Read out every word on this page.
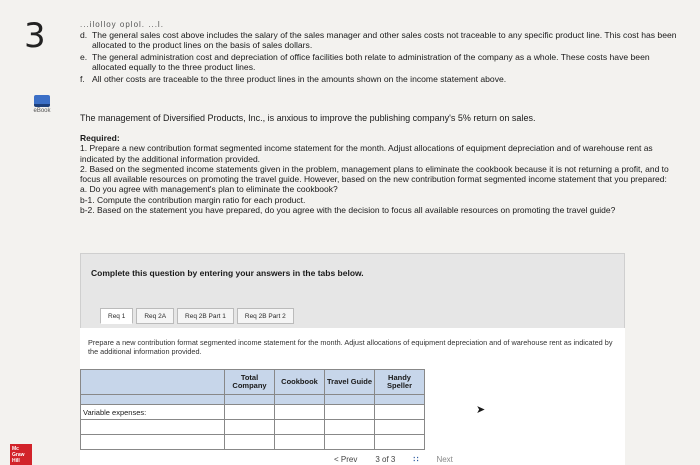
3
eBook
Mc Graw Hill
...ilolloy oplol. ...l.
d. The general sales cost above includes the salary of the sales manager and other sales costs not traceable to any specific product line. This cost has been allocated to the product lines on the basis of sales dollars.
e. The general administration cost and depreciation of office facilities both relate to administration of the company as a whole. These costs have been allocated equally to the three product lines.
f. All other costs are traceable to the three product lines in the amounts shown on the income statement above.
The management of Diversified Products, Inc., is anxious to improve the publishing company's 5% return on sales.
Required:
1. Prepare a new contribution format segmented income statement for the month. Adjust allocations of equipment depreciation and of warehouse rent as indicated by the additional information provided.
2. Based on the segmented income statements given in the problem, management plans to eliminate the cookbook because it is not returning a profit, and to focus all available resources on promoting the travel guide. However, based on the new contribution format segmented income statement that you prepared:
a. Do you agree with management's plan to eliminate the cookbook?
b-1. Compute the contribution margin ratio for each product.
b-2. Based on the statement you have prepared, do you agree with the decision to focus all available resources on promoting the travel guide?
Complete this question by entering your answers in the tabs below.
Prepare a new contribution format segmented income statement for the month. Adjust allocations of equipment depreciation and of warehouse rent as indicated by the additional information provided.
Req 1	Req 2A	Req 2B Part 1	Req 2B Part 2
	Total Company	Cookbook	Travel Guide	Handy Speller

Variable expenses:				

					➤
< Prev 3 of 3 ∷ Next
